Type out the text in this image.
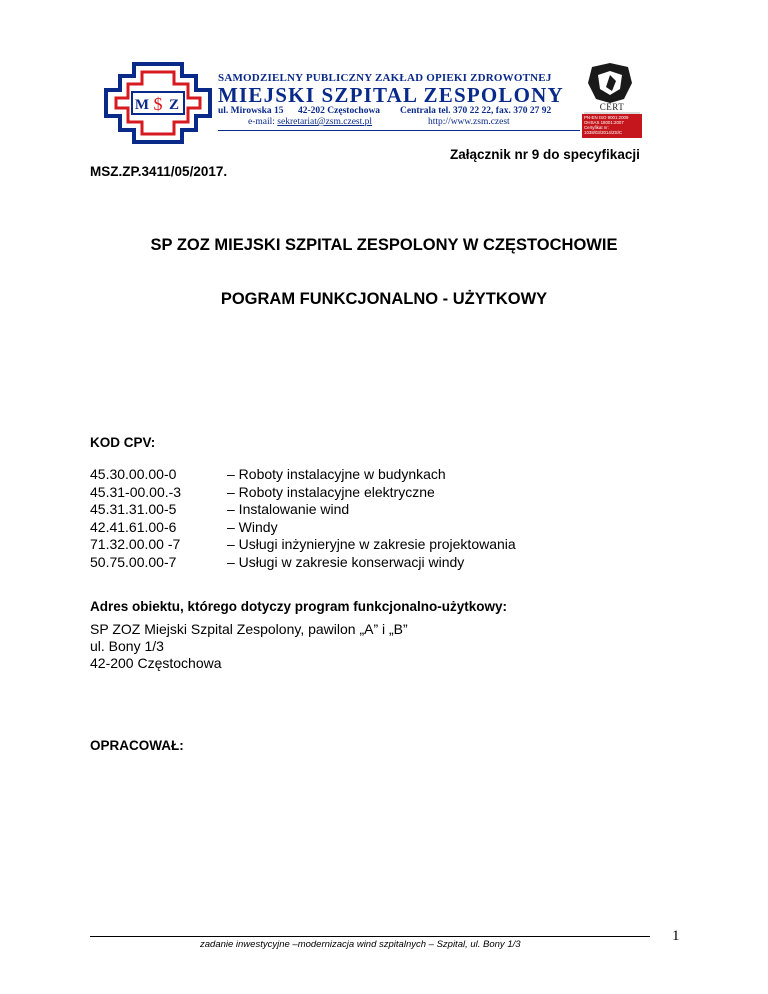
M $ Z
SAMODZIELNY PUBLICZNY ZAKŁAD OPIEKI ZDROWOTNEJ
MIEJSKI SZPITAL ZESPOLONY
ul. Mirowska 15 42-202 Częstochowa Centrala tel. 370 22 22, fax. 370 27 92
e-mail: sekretariat@zsm.czest.pl	http://www.zsm.czest
CERT
PN-EN ISO 9001:2009
OHSAS 18001:2007
Certyfikat nr:
1038/03/2014/ZS/C
Załącznik nr 9 do specyfikacji
MSZ.ZP.3411/05/2017.
SP ZOZ MIEJSKI SZPITAL ZESPOLONY W CZĘSTOCHOWIE
POGRAM FUNKCJONALNO - UŻYTKOWY
KOD CPV:
45.30.00.00-0	– Roboty instalacyjne w budynkach
45.31-00.00.-3	– Roboty instalacyjne elektryczne
45.31.31.00-5	– Instalowanie wind
42.41.61.00-6	– Windy
71.32.00.00 -7	– Usługi inżynieryjne w zakresie projektowania
50.75.00.00-7	– Usługi w zakresie konserwacji windy
Adres obiektu, którego dotyczy program funkcjonalno-użytkowy:
SP ZOZ Miejski Szpital Zespolony, pawilon „A” i „B”
ul. Bony 1/3
42-200 Częstochowa
OPRACOWAŁ:
zadanie inwestycyjne –modernizacja wind szpitalnych – Szpital, ul. Bony 1/3
1
